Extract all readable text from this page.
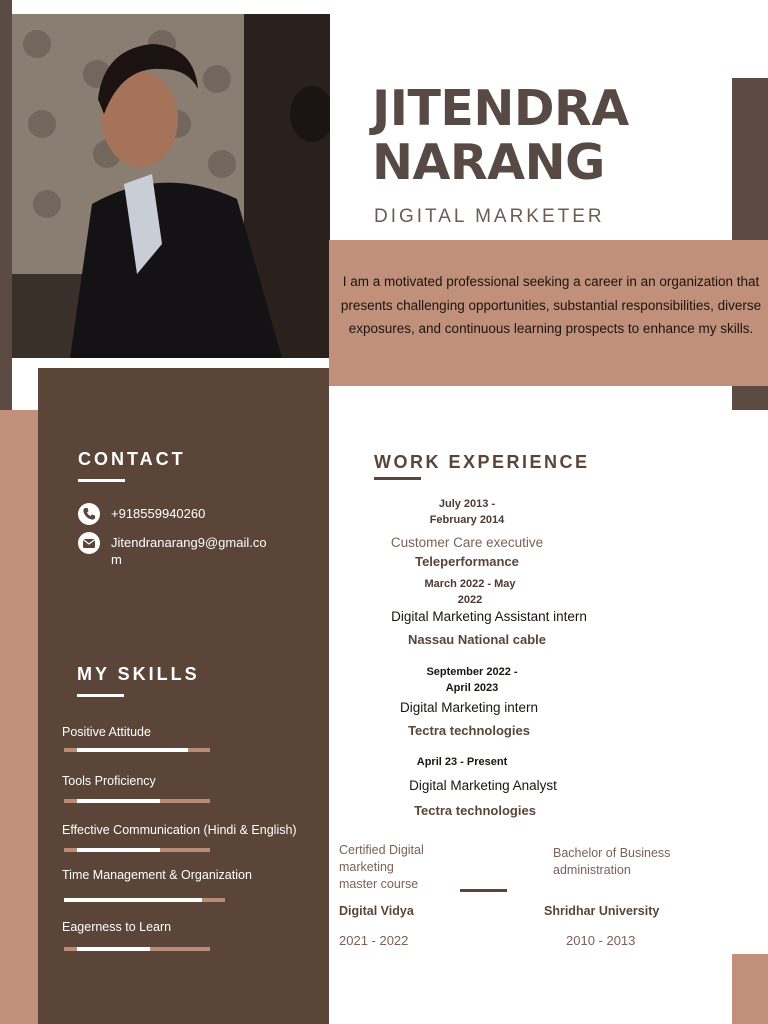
JITENDRA
NARANG
DIGITAL MARKETER
I am a motivated professional seeking a career in an organization that presents challenging opportunities, substantial responsibilities, diverse exposures, and continuous learning prospects to enhance my skills.
CONTACT
+918559940260
Jitendranarang9@gmail.co
m
MY SKILLS
Positive Attitude
Tools Proficiency
Effective Communication (Hindi & English)
Time Management & Organization
Eagerness to Learn
WORK EXPERIENCE
July 2013 -
February 2014
Customer Care executive
Teleperformance
March 2022 - May
2022
Digital Marketing Assistant intern
Nassau National cable
September 2022 -
April 2023
Digital Marketing intern
Tectra technologies
April 23 - Present
Digital Marketing Analyst
Tectra technologies
Certified Digital
marketing
master course
Digital Vidya
2021 - 2022
Bachelor of Business
administration
Shridhar University
2010 - 2013
